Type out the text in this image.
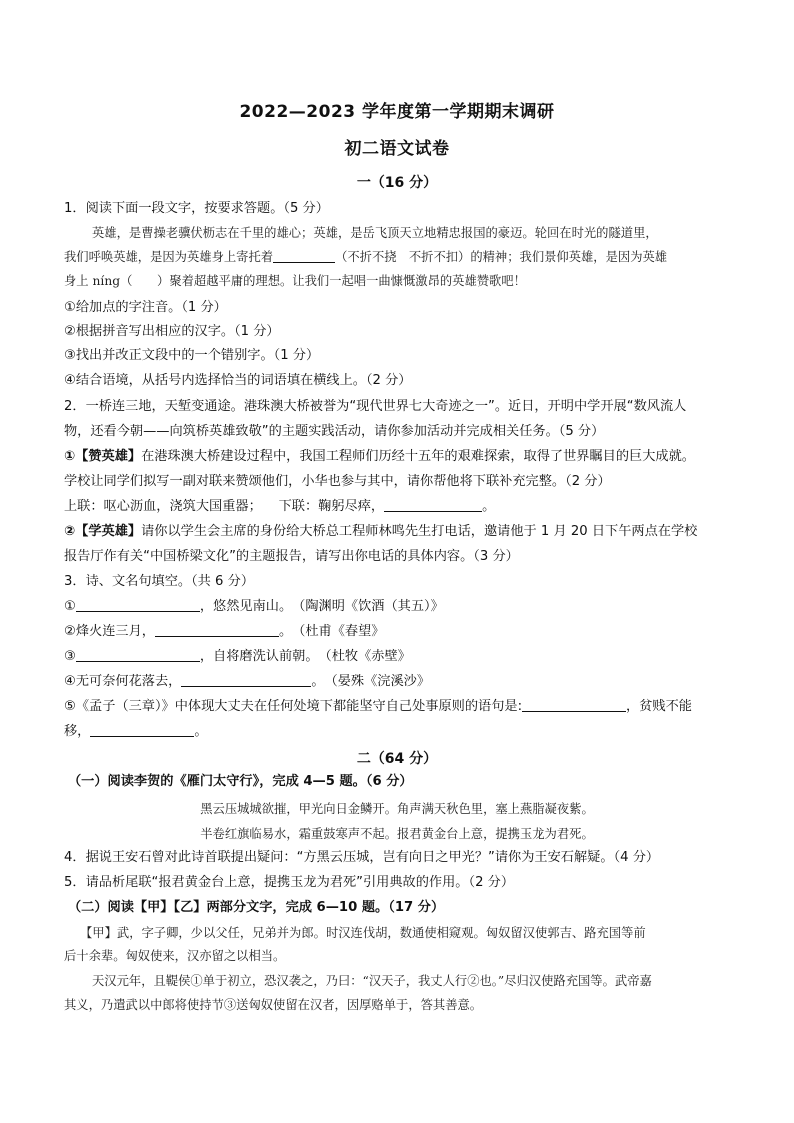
2022—2023 学年度第一学期期末调研
初二语文试卷
一（16 分）
1．阅读下面一段文字，按要求答题。（5 分）
英雄，是曹操老骥伏枥志在千里的雄心；英雄，是岳飞顶天立地精忠报国的豪迈。轮回在时光的隧道里，
我们呼唤英雄，是因为英雄身上寄托着	（不折不挠　不折不扣）的精神；我们景仰英雄，是因为英雄
身上 níng（　　）聚着超越平庸的理想。让我们一起唱一曲慷慨激昂的英雄赞歌吧！
①给加点的字注音。（1 分）
②根据拼音写出相应的汉字。（1 分）
③找出并改正文段中的一个错别字。（1 分）
④结合语境，从括号内选择恰当的词语填在横线上。（2 分）
2．一桥连三地，天堑变通途。港珠澳大桥被誉为“现代世界七大奇迹之一”。近日，开明中学开展“数风流人
物，还看今朝——向筑桥英雄致敬”的主题实践活动，请你参加活动并完成相关任务。（5 分）
①【赞英雄】在港珠澳大桥建设过程中，我国工程师们历经十五年的艰难探索，取得了世界瞩目的巨大成就。
学校让同学们拟写一副对联来赞颂他们，小华也参与其中，请你帮他将下联补充完整。（2 分）
上联：呕心沥血，浇筑大国重器； 下联：鞠躬尽瘁，	。
②【学英雄】请你以学生会主席的身份给大桥总工程师林鸣先生打电话，邀请他于 1 月 20 日下午两点在学校
报告厅作有关“中国桥梁文化”的主题报告，请写出你电话的具体内容。（3 分）
3．诗、文名句填空。（共 6 分）
①	，悠然见南山。　（陶渊明《饮酒（其五）》
②烽火连三月，	。　（杜甫《春望》
③	，自将磨洗认前朝。　（杜牧《赤壁》
④无可奈何花落去，	。　（晏殊《浣溪沙》
⑤《孟子（三章）》中体现大丈夫在任何处境下都能坚守自己处事原则的语句是:	，贫贱不能
移，	。
二（64 分）
（一）阅读李贺的《雁门太守行》，完成 4—5 题。（6 分）
黑云压城城欲摧，甲光向日金鳞开。角声满天秋色里，塞上燕脂凝夜紫。
半卷红旗临易水，霜重鼓寒声不起。报君黄金台上意，提携玉龙为君死。
4．据说王安石曾对此诗首联提出疑问：“方黑云压城，岂有向日之甲光？”请你为王安石解疑。（4 分）
5．请品析尾联“报君黄金台上意，提携玉龙为君死”引用典故的作用。（2 分）
（二）阅读【甲】【乙】两部分文字，完成 6—10 题。（17 分）
【甲】武，字子卿，少以父任，兄弟并为郎。时汉连伐胡，数通使相窥观。匈奴留汉使郭吉、路充国等前
后十余辈。匈奴使来，汉亦留之以相当。
天汉元年，且鞮侯①单于初立，恐汉袭之，乃曰：“汉天子，我丈人行②也。”尽归汉使路充国等。武帝嘉
其义，乃遣武以中郎将使持节③送匈奴使留在汉者，因厚赂单于，答其善意。
